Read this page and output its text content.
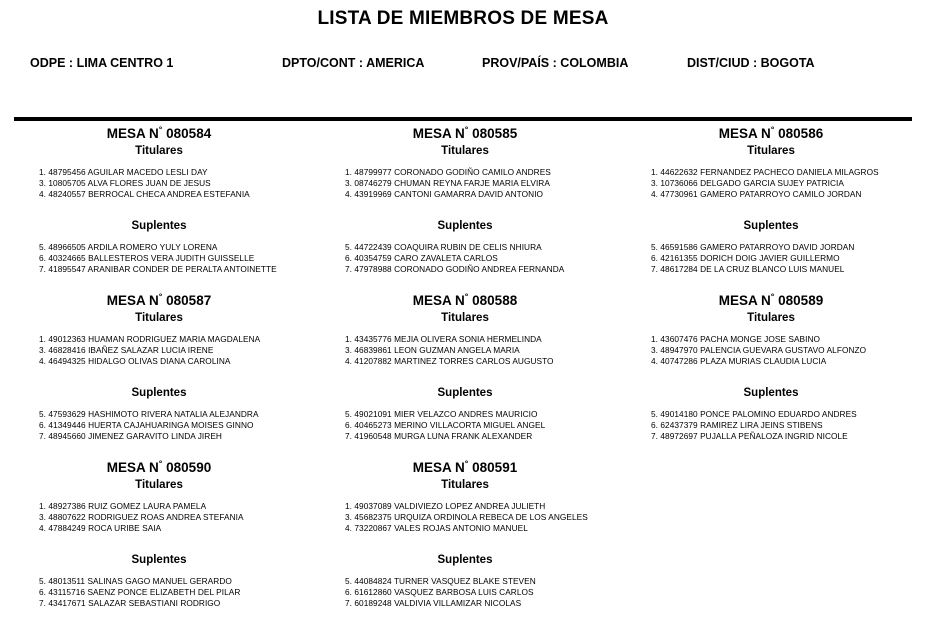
LISTA DE MIEMBROS DE MESA
ODPE : LIMA CENTRO 1	DPTO/CONT : AMERICA	PROV/PAÍS : COLOMBIA	DIST/CIUD : BOGOTA
MESA N° 080584
Titulares
1. 48795456 AGUILAR MACEDO LESLI DAY
3. 10805705 ALVA FLORES JUAN DE JESUS
4. 48240557 BERROCAL CHECA ANDREA ESTEFANIA
Suplentes
5. 48966505 ARDILA ROMERO YULY LORENA
6. 40324665 BALLESTEROS VERA JUDITH GUISSELLE
7. 41895547 ARANIBAR CONDER DE PERALTA ANTOINETTE
MESA N° 080585
Titulares
1. 48799977 CORONADO GODIÑO CAMILO ANDRES
3. 08746279 CHUMAN REYNA FARJE MARIA ELVIRA
4. 43919969 CANTONI GAMARRA DAVID ANTONIO
Suplentes
5. 44722439 COAQUIRA RUBIN DE CELIS NHIURA
6. 40354759 CARO ZAVALETA CARLOS
7. 47978988 CORONADO GODIÑO ANDREA FERNANDA
MESA N° 080586
Titulares
1. 44622632 FERNANDEZ PACHECO DANIELA MILAGROS
3. 10736066 DELGADO GARCIA SUJEY PATRICIA
4. 47730961 GAMERO PATARROYO CAMILO JORDAN
Suplentes
5. 46591586 GAMERO PATARROYO DAVID JORDAN
6. 42161355 DORICH DOIG JAVIER GUILLERMO
7. 48617284 DE LA CRUZ BLANCO LUIS MANUEL
MESA N° 080587
Titulares
1. 49012363 HUAMAN RODRIGUEZ MARIA MAGDALENA
3. 46828416 IBAÑEZ SALAZAR LUCIA IRENE
4. 46494325 HIDALGO OLIVAS DIANA CAROLINA
Suplentes
5. 47593629 HASHIMOTO RIVERA NATALIA ALEJANDRA
6. 41349446 HUERTA CAJAHUARINGA MOISES GINNO
7. 48945660 JIMENEZ GARAVITO LINDA JIREH
MESA N° 080588
Titulares
1. 43435776 MEJIA OLIVERA SONIA HERMELINDA
3. 46839861 LEON GUZMAN ANGELA MARIA
4. 41207882 MARTINEZ TORRES CARLOS AUGUSTO
Suplentes
5. 49021091 MIER VELAZCO ANDRES MAURICIO
6. 40465273 MERINO VILLACORTA MIGUEL ANGEL
7. 41960548 MURGA LUNA FRANK ALEXANDER
MESA N° 080589
Titulares
1. 43607476 PACHA MONGE JOSE SABINO
3. 48947970 PALENCIA GUEVARA GUSTAVO ALFONZO
4. 40747286 PLAZA MURIAS CLAUDIA LUCIA
Suplentes
5. 49014180 PONCE PALOMINO EDUARDO ANDRES
6. 62437379 RAMIREZ LIRA JEINS STIBENS
7. 48972697 PUJALLA PEÑALOZA INGRID NICOLE
MESA N° 080590
Titulares
1. 48927386 RUIZ GOMEZ LAURA PAMELA
3. 48807622 RODRIGUEZ ROAS ANDREA STEFANIA
4. 47884249 ROCA URIBE SAIA
Suplentes
5. 48013511 SALINAS GAGO MANUEL GERARDO
6. 43115716 SAENZ PONCE ELIZABETH DEL PILAR
7. 43417671 SALAZAR SEBASTIANI RODRIGO
MESA N° 080591
Titulares
1. 49037089 VALDIVIEZO LOPEZ ANDREA JULIETH
3. 45682375 URQUIZA ORDINOLA REBECA DE LOS ANGELES
4. 73220867 VALES ROJAS ANTONIO MANUEL
Suplentes
5. 44084824 TURNER VASQUEZ BLAKE STEVEN
6. 61612860 VASQUEZ BARBOSA LUIS CARLOS
7. 60189248 VALDIVIA VILLAMIZAR NICOLAS
